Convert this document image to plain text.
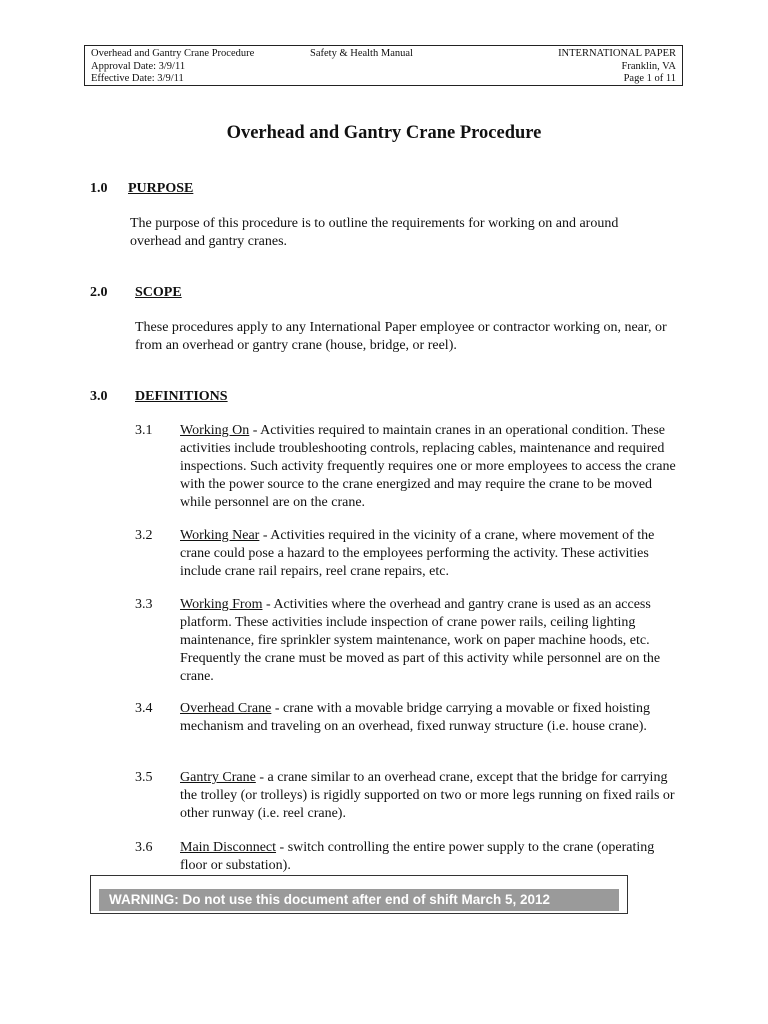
Overhead and Gantry Crane Procedure
Approval Date: 3/9/11
Effective Date: 3/9/11
Safety & Health Manual	INTERNATIONAL PAPER
Franklin, VA
Page 1 of 11
Overhead and Gantry Crane Procedure
1.0 PURPOSE
The purpose of this procedure is to outline the requirements for working on and around overhead and gantry cranes.
2.0 SCOPE
These procedures apply to any International Paper employee or contractor working on, near, or from an overhead or gantry crane (house, bridge, or reel).
3.0 DEFINITIONS
3.1 Working On - Activities required to maintain cranes in an operational condition. These activities include troubleshooting controls, replacing cables, maintenance and required inspections. Such activity frequently requires one or more employees to access the crane with the power source to the crane energized and may require the crane to be moved while personnel are on the crane.
3.2 Working Near - Activities required in the vicinity of a crane, where movement of the crane could pose a hazard to the employees performing the activity. These activities include crane rail repairs, reel crane repairs, etc.
3.3 Working From - Activities where the overhead and gantry crane is used as an access platform. These activities include inspection of crane power rails, ceiling lighting maintenance, fire sprinkler system maintenance, work on paper machine hoods, etc. Frequently the crane must be moved as part of this activity while personnel are on the crane.
3.4 Overhead Crane - crane with a movable bridge carrying a movable or fixed hoisting mechanism and traveling on an overhead, fixed runway structure (i.e. house crane).
3.5 Gantry Crane - a crane similar to an overhead crane, except that the bridge for carrying the trolley (or trolleys) is rigidly supported on two or more legs running on fixed rails or other runway (i.e. reel crane).
3.6 Main Disconnect - switch controlling the entire power supply to the crane (operating floor or substation).
WARNING: Do not use this document after end of shift March 5, 2012
